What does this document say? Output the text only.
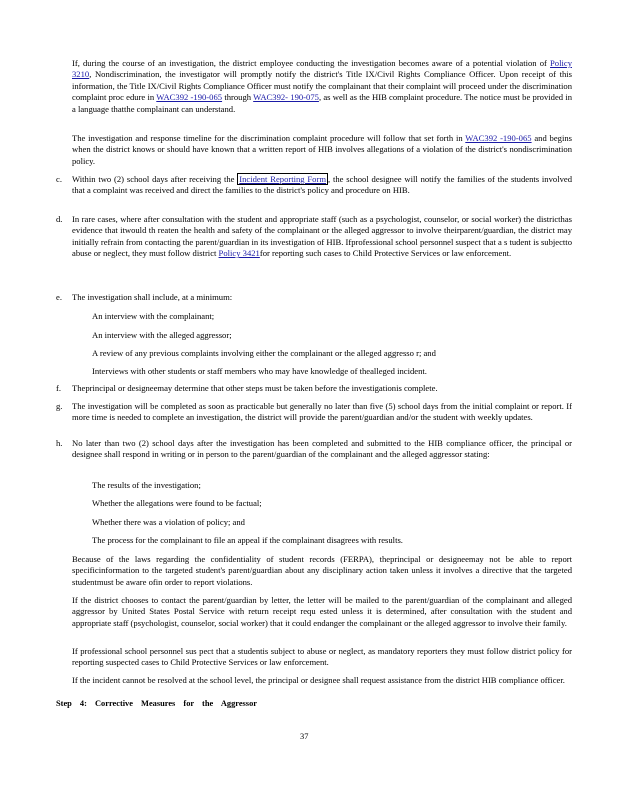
If, during the course of an investigation, the district employee conducting the investigation becomes aware of a potential violation of Policy 3210, Nondiscrimination, the investigator will promptly notify the district's Title IX/Civil Rights Compliance Officer. Upon receipt of this information, the Title IX/Civil Rights Compliance Officer must notify the complainant that their complaint will proceed under the discrimination complaint proc edure in WAC392 -190-065 through WAC392- 190-075, as well as the HIB complaint procedure. The notice must be provided in a language thatthe complainant can understand.
The investigation and response timeline for the discrimination complaint procedure will follow that set forth in WAC392 -190-065 and begins when the district knows or should have known that a written report of HIB involves allegations of a violation of the district's nondiscrimination policy.
c. Within two (2) school days after receiving the Incident Reporting Form , the school designee will notify the families of the students involved that a complaint was received and direct the families to the district's policy and procedure on HIB.
d. In rare cases, where after consultation with the student and appropriate staff (such as a psychologist, counselor, or social worker) the districthas evidence that itwould th reaten the health and safety of the complainant or the alleged aggressor to involve theirparent/guardian, the district may initially refrain from contacting the parent/guardian in its investigation of HIB. Ifprofessional school personnel suspect that a s tudent is subjectto abuse or neglect, they must follow district Policy 3421for reporting such cases to Child Protective Services or law enforcement.
e. The investigation shall include, at a minimum:
An interview with the complainant;
An interview with the alleged aggressor;
A review of any previous complaints involving either the complainant or the alleged aggresso r; and
Interviews with other students or staff members who may have knowledge of thealleged incident.
f. Theprincipal or designeemay determine that other steps must be taken before the investigationis complete.
g. The investigation will be completed as soon as practicable but generally no later than five (5) school days from the initial complaint or report. If more time is needed to complete an investigation, the district will provide the parent/guardian and/or the student with weekly updates.
h. No later than two (2) school days after the investigation has been completed and submitted to the HIB compliance officer, the principal or designee shall respond in writing or in person to the parent/guardian of the complainant and the alleged aggressor stating:
The results of the investigation;
Whether the allegations were found to be factual;
Whether there was a violation of policy; and
The process for the complainant to file an appeal if the complainant disagrees with results.
Because of the laws regarding the confidentiality of student records (FERPA), theprincipal or designeemay not be able to report specificinformation to the targeted student's parent/guardian about any disciplinary action taken unless it involves a directive that the targeted studentmust be aware ofin order to report violations.
If the district chooses to contact the parent/guardian by letter, the letter will be mailed to the parent/guardian of the complainant and alleged aggressor by United States Postal Service with return receipt requ ested unless it is determined, after consultation with the student and appropriate staff (psychologist, counselor, social worker) that it could endanger the complainant or the alleged aggressor to involve their family.
If professional school personnel sus pect that a studentis subject to abuse or neglect, as mandatory reporters they must follow district policy for reporting suspected cases to Child Protective Services or law enforcement.
If the incident cannot be resolved at the school level, the principal or designee shall request assistance from the district HIB compliance officer.
Step 4: Corrective Measures for the Aggressor
37
